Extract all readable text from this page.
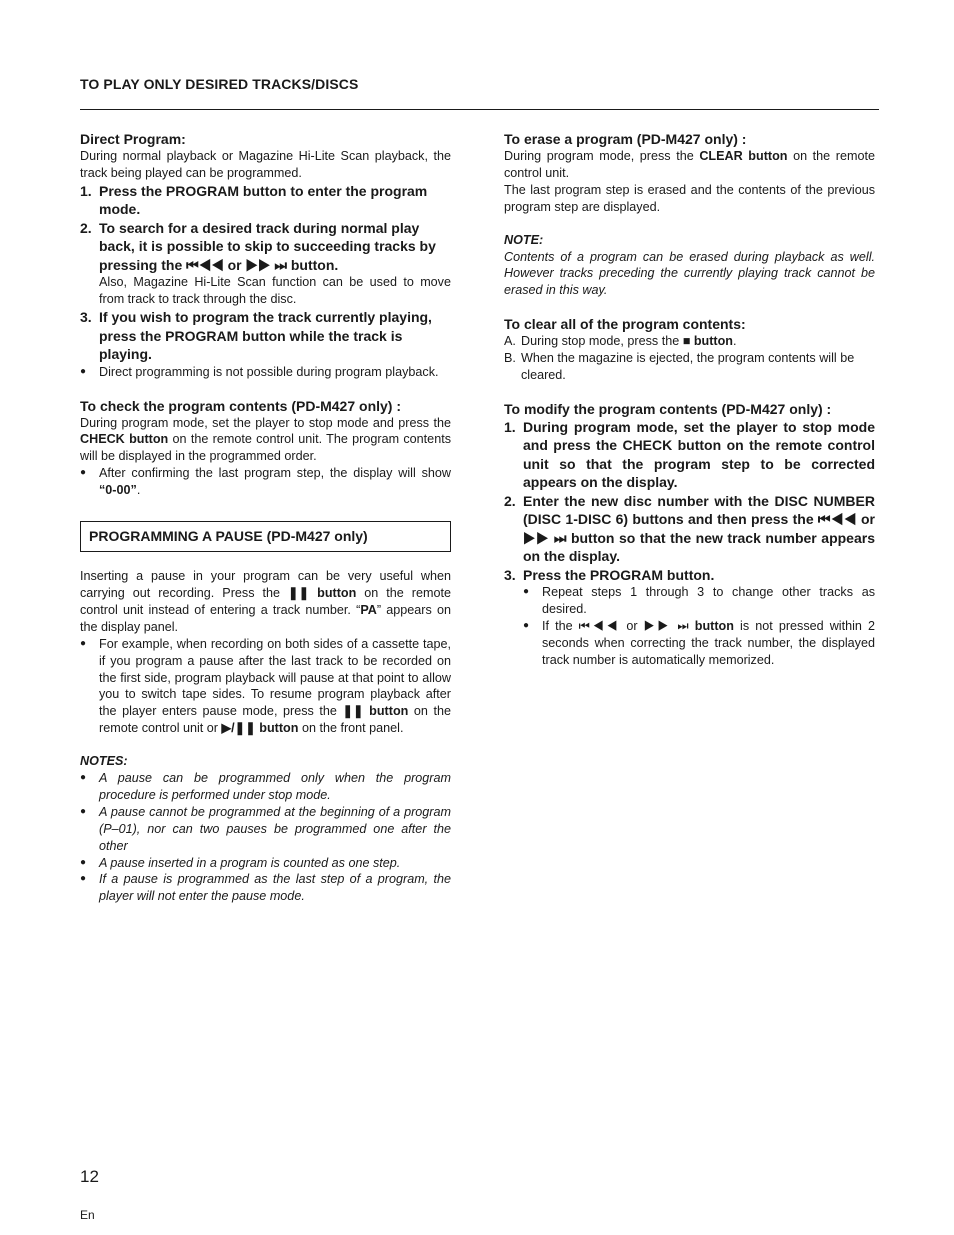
TO PLAY ONLY DESIRED TRACKS/DISCS

Direct Program:

During normal playback or Magazine Hi-Lite Scan playback, the track being played can be programmed.

1. Press the PROGRAM button to enter the program mode.
2. To search for a desired track during normal play back, it is possible to skip to succeeding tracks by pressing the ⏮◀◀ or ▶▶ ⏭ button.

Also, Magazine Hi-Lite Scan function can be used to move from track to track through the disc.

3. If you wish to program the track currently playing, press the PROGRAM button while the track is playing.
●	Direct programming is not possible during program playback.

To check the program contents (PD-M427 only) :

During program mode, set the player to stop mode and press the CHECK button on the remote control unit. The program contents will be displayed in the programmed order.

●	After confirming the last program step, the display will show “0-00”.
PROGRAMMING A PAUSE (PD-M427 only)

Inserting a pause in your program can be very useful when carrying out recording. Press the ❚❚ button on the remote control unit instead of entering a track number. “PA” appears on the display panel.

●	For example, when recording on both sides of a cassette tape, if you program a pause after the last track to be recorded on the first side, program playback will pause at that point to allow you to switch tape sides. To resume program playback after the player enters pause mode, press the ❚❚ button on the remote control unit or ▶/❚❚ button on the front panel.

NOTES:

●	A pause can be programmed only when the program procedure is performed under stop mode.
●	A pause cannot be programmed at the beginning of a program (P–01), nor can two pauses be programmed one after the other
●	A pause inserted in a program is counted as one step.
●	If a pause is programmed as the last step of a program, the player will not enter the pause mode.

To erase a program (PD-M427 only) :

During program mode, press the CLEAR button on the remote control unit.

The last program step is erased and the contents of the previous program step are displayed.

NOTE:

Contents of a program can be erased during playback as well. However tracks preceding the currently playing track cannot be erased in this way.

To clear all of the program contents:

A. During stop mode, press the ■ button.
B. When the magazine is ejected, the program contents will be cleared.

To modify the program contents (PD-M427 only) :

1. During program mode, set the player to stop mode and press the CHECK button on the remote control unit so that the program step to be corrected appears on the display.
2. Enter the new disc number with the DISC NUMBER (DISC 1-DISC 6) buttons and then press the ⏮◀◀ or ▶▶ ⏭ button so that the new track number appears on the display.
3. Press the PROGRAM button.
●	Repeat steps 1 through 3 to change other tracks as desired.
●	If the ⏮◀◀ or ▶▶ ⏭ button is not pressed within 2 seconds when correcting the track number, the displayed track number is automatically memorized.
12
En
